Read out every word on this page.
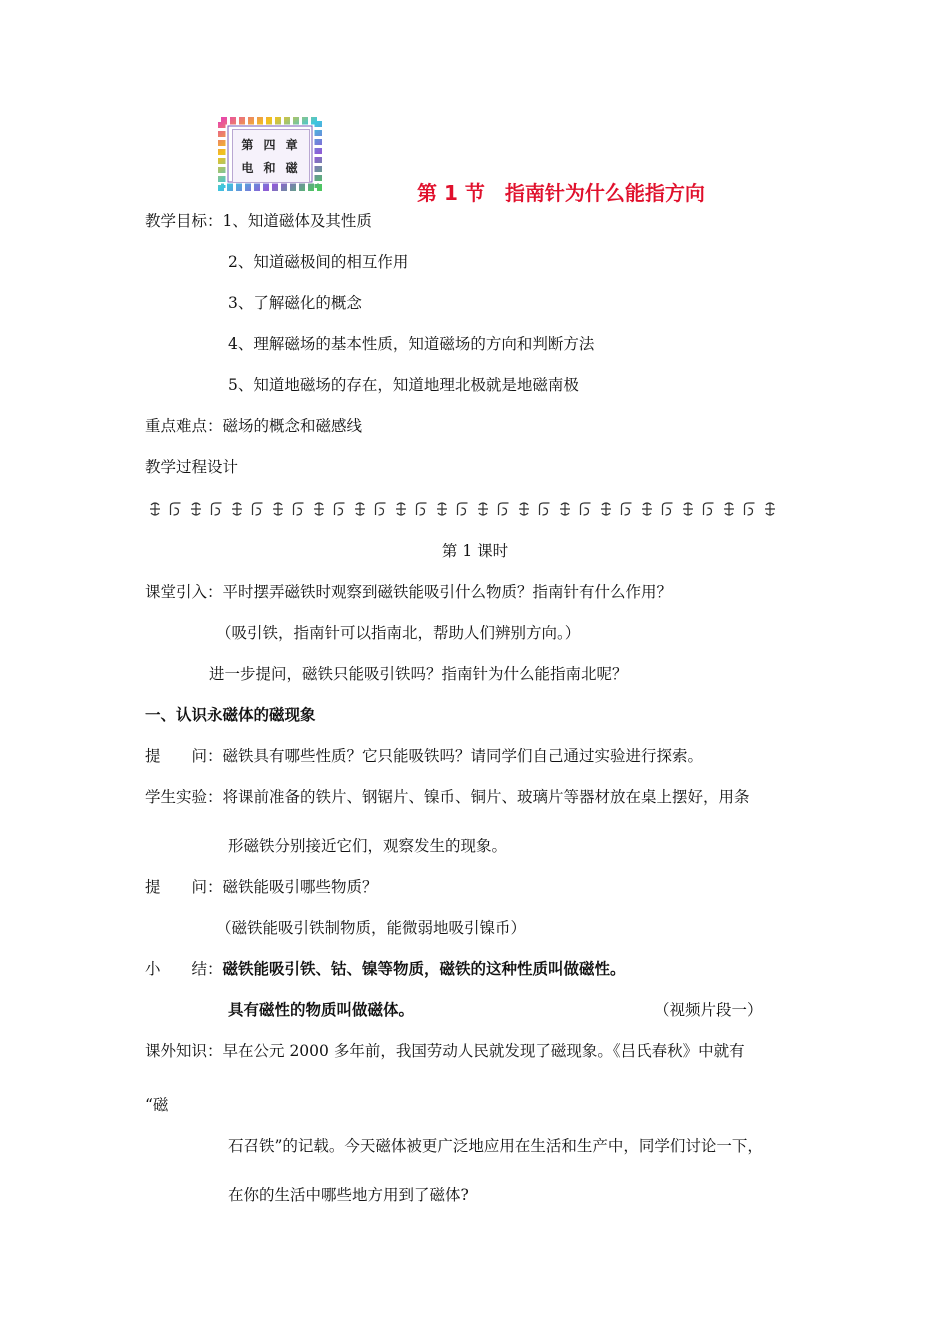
第 四 章
电 和 磁
第 1 节　指南针为什么能指方向
教学目标：1、知道磁体及其性质
2、知道磁极间的相互作用
3、了解磁化的概念
4、理解磁场的基本性质，知道磁场的方向和判断方法
5、知道地磁场的存在，知道地理北极就是地磁南极
重点难点：磁场的概念和磁感线
教学过程设计
第 1 课时
课堂引入：平时摆弄磁铁时观察到磁铁能吸引什么物质？指南针有什么作用？
（吸引铁，指南针可以指南北，帮助人们辨别方向。）
进一步提问，磁铁只能吸引铁吗？指南针为什么能指南北呢？
一、认识永磁体的磁现象
提　　问：磁铁具有哪些性质？它只能吸铁吗？请同学们自己通过实验进行探索。
学生实验：将课前准备的铁片、钢锯片、镍币、铜片、玻璃片等器材放在桌上摆好，用条
形磁铁分别接近它们，观察发生的现象。
提　　问：磁铁能吸引哪些物质？
（磁铁能吸引铁制物质，能微弱地吸引镍币）
小　　结：磁铁能吸引铁、钴、镍等物质，磁铁的这种性质叫做磁性。
具有磁性的物质叫做磁体。	（视频片段一）
课外知识：早在公元 2000 多年前，我国劳动人民就发现了磁现象。《吕氏春秋》中就有
“磁
石召铁”的记载。今天磁体被更广泛地应用在生活和生产中，同学们讨论一下，
在你的生活中哪些地方用到了磁体?
